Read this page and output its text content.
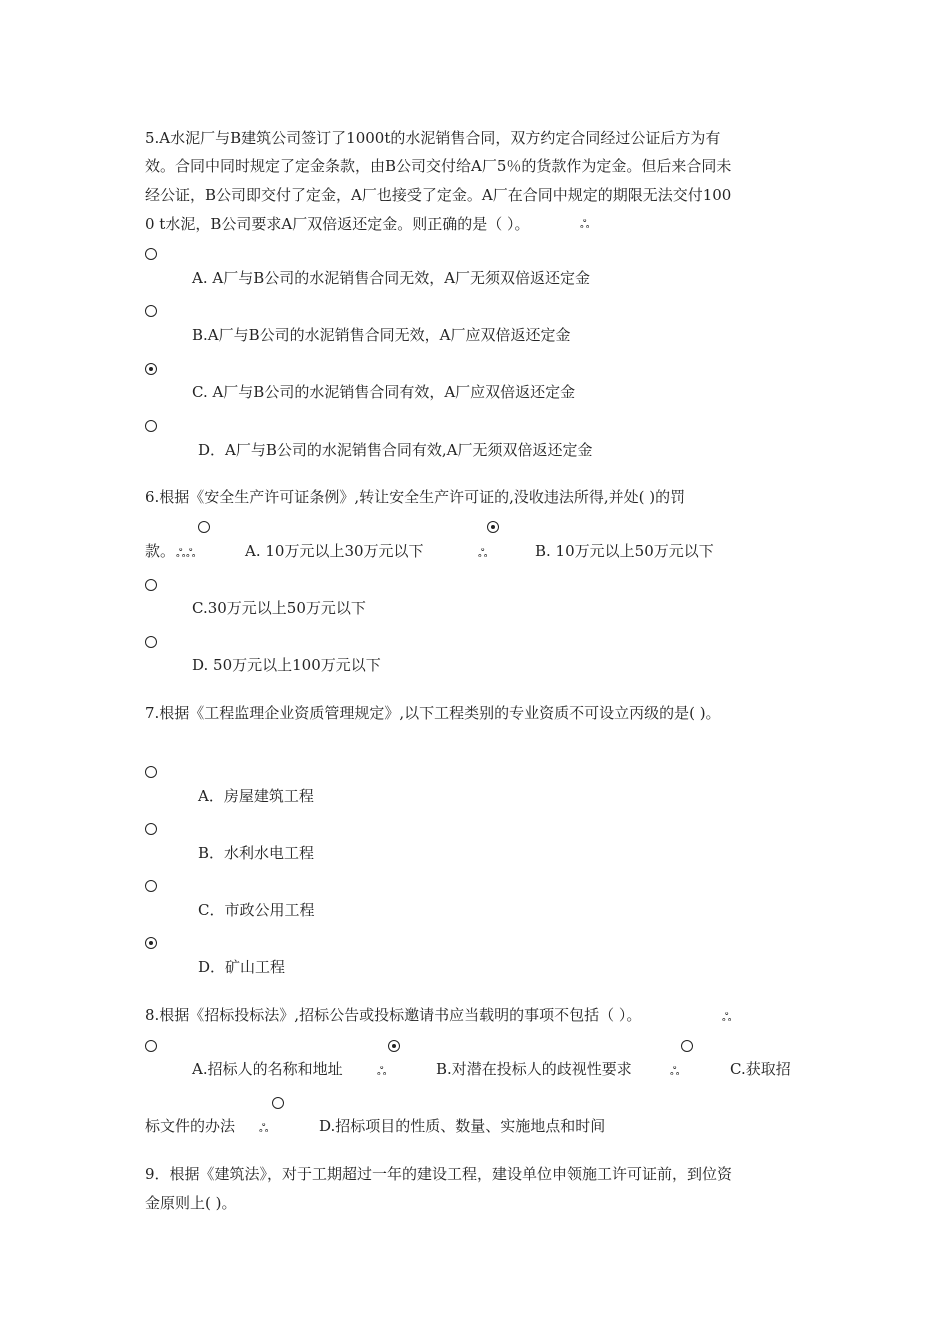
5.A水泥厂与B建筑公司签订了1000t的水泥销售合同，双方约定合同经过公证后方为有
效。合同中同时规定了定金条款，由B公司交付给A厂5％的货款作为定金。但后来合同未
经公证，B公司即交付了定金，A厂也接受了定金。A厂在合同中规定的期限无法交付100
0 t水泥，B公司要求A厂双倍返还定金。则正确的是（ ）。	ஃ
A. A厂与B公司的水泥销售合同无效，A厂无须双倍返还定金
B.A厂与B公司的水泥销售合同无效，A厂应双倍返还定金
C. A厂与B公司的水泥销售合同有效，A厂应双倍返还定金
D．A厂与B公司的水泥销售合同有效,A厂无须双倍返还定金
6.根据《安全生产许可证条例》,转让安全生产许可证的,没收违法所得,并处( )的罚
款。 ஃ ஃ	A. 10万元以上30万元以下	ஃ	B. 10万元以上50万元以下
C.30万元以上50万元以下
D. 50万元以上100万元以下
7.根据《工程监理企业资质管理规定》,以下工程类别的专业资质不可设立丙级的是( )。
A．房屋建筑工程
B．水利水电工程
C．市政公用工程
D．矿山工程
8.根据《招标投标法》,招标公告或投标邀请书应当载明的事项不包括（ ）。	ஃ
A.招标人的名称和地址	ஃ	B.对潜在投标人的歧视性要求	ஃ	C.获取招
标文件的办法 ஃ	D.招标项目的性质、数量、实施地点和时间
9．根据《建筑法》，对于工期超过一年的建设工程，建设单位申领施工许可证前，到位资
金原则上( )。
